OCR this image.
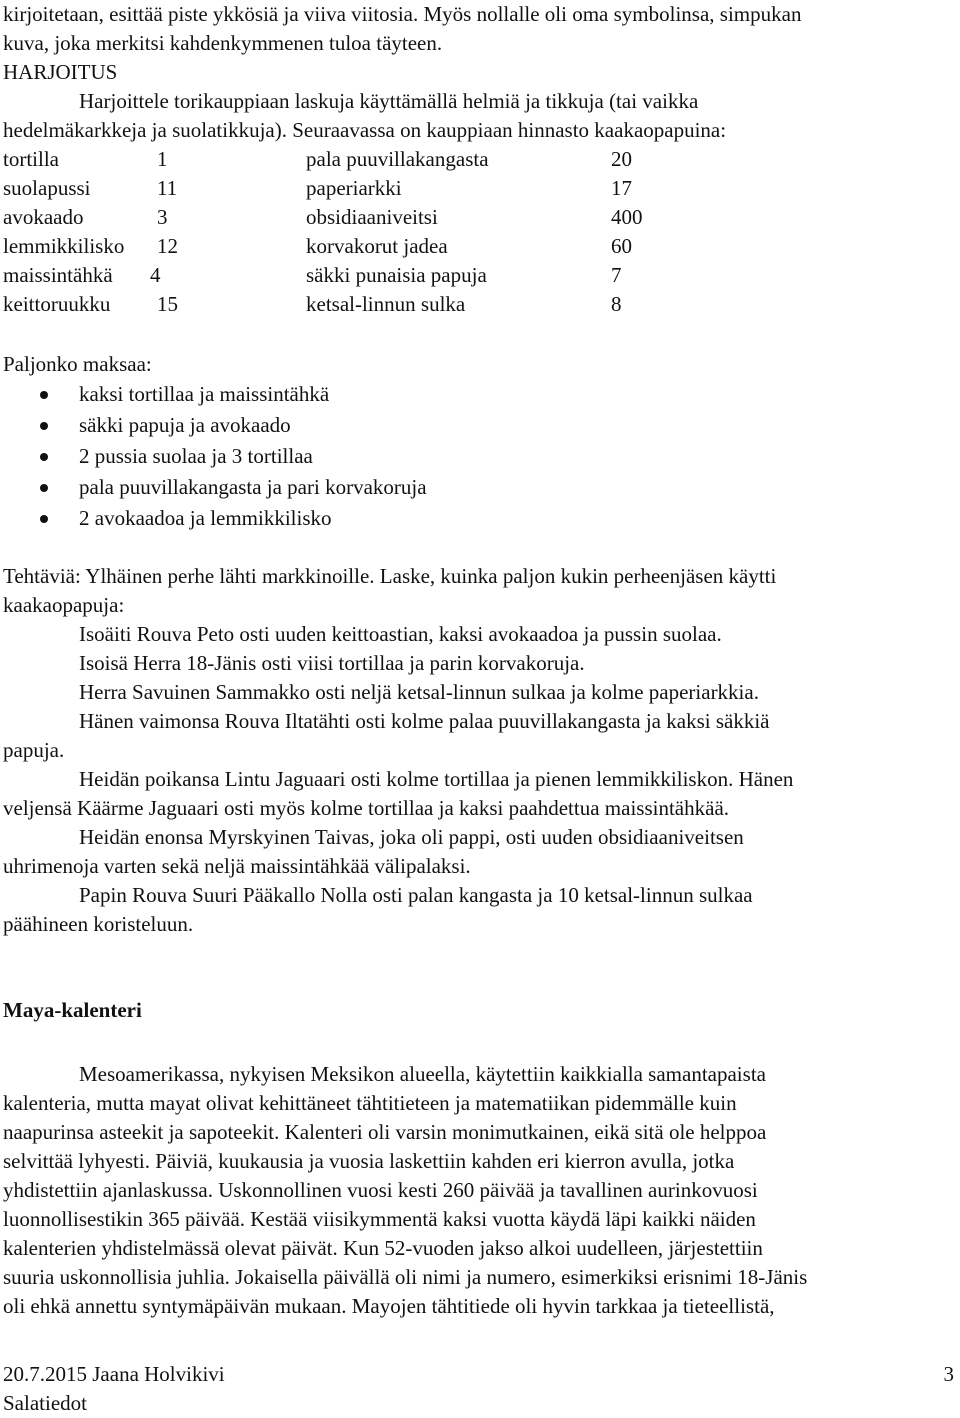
kirjoitetaan, esittää piste ykkösiä ja viiva viitosia. Myös nollalle oli oma symbolinsa, simpukan
kuva, joka merkitsi kahdenkymmenen tuloa täyteen.
HARJOITUS
Harjoittele torikauppiaan laskuja käyttämällä helmiä ja tikkuja (tai vaikka
hedelmäkarkkeja ja suolatikkuja). Seuraavassa on kauppiaan hinnasto kaakaopapuina:
tortilla	1	pala puuvillakangasta	20
suolapussi	11	paperiarkki	17
avokaado	3	obsidiaaniveitsi	400
lemmikkilisko 12	korvakorut jadea	60
maissintähkä 4	säkki punaisia papuja	7
keittoruukku 15	ketsal-linnun sulka	8
Paljonko maksaa:
kaksi tortillaa ja maissintähkä
säkki papuja ja avokaado
2 pussia suolaa ja 3 tortillaa
pala puuvillakangasta ja pari korvakoruja
2 avokaadoa ja lemmikkilisko
Tehtäviä: Ylhäinen perhe lähti markkinoille. Laske, kuinka paljon kukin perheenjäsen käytti
kaakaopapuja:
Isoäiti Rouva Peto osti uuden keittoastian, kaksi avokaadoa ja pussin suolaa.
Isoisä Herra 18-Jänis osti viisi tortillaa ja parin korvakoruja.
Herra Savuinen Sammakko osti neljä ketsal-linnun sulkaa ja kolme paperiarkkia.
Hänen vaimonsa Rouva Iltatähti osti kolme palaa puuvillakangasta ja kaksi säkkiä
papuja.
Heidän poikansa Lintu Jaguaari osti kolme tortillaa ja pienen lemmikkiliskon. Hänen
veljensä Käärme Jaguaari osti myös kolme tortillaa ja kaksi paahdettua maissintähkää.
Heidän enonsa Myrskyinen Taivas, joka oli pappi, osti uuden obsidiaaniveitsen
uhrimenoja varten sekä neljä maissintähkää välipalaksi.
Papin Rouva Suuri Pääkallo Nolla osti palan kangasta ja 10 ketsal-linnun sulkaa
päähineen koristeluun.
Maya-kalenteri
Mesoamerikassa, nykyisen Meksikon alueella, käytettiin kaikkialla samantapaista
kalenteria, mutta mayat olivat kehittäneet tähtitieteen ja matematiikan pidemmälle kuin
naapurinsa asteekit ja sapoteekit. Kalenteri oli varsin monimutkainen, eikä sitä ole helppoa
selvittää lyhyesti. Päiviä, kuukausia ja vuosia laskettiin kahden eri kierron avulla, jotka
yhdistettiin ajanlaskussa. Uskonnollinen vuosi kesti 260 päivää ja tavallinen aurinkovuosi
luonnollisestikin 365 päivää. Kestää viisikymmentä kaksi vuotta käydä läpi kaikki näiden
kalenterien yhdistelmässä olevat päivät. Kun 52-vuoden jakso alkoi uudelleen, järjestettiin
suuria uskonnollisia juhlia. Jokaisella päivällä oli nimi ja numero, esimerkiksi erisnimi 18-Jänis
oli ehkä annettu syntymäpäivän mukaan. Mayojen tähtitiede oli hyvin tarkkaa ja tieteellistä,
20.7.2015 Jaana Holvikivi
Salatiedot
3
